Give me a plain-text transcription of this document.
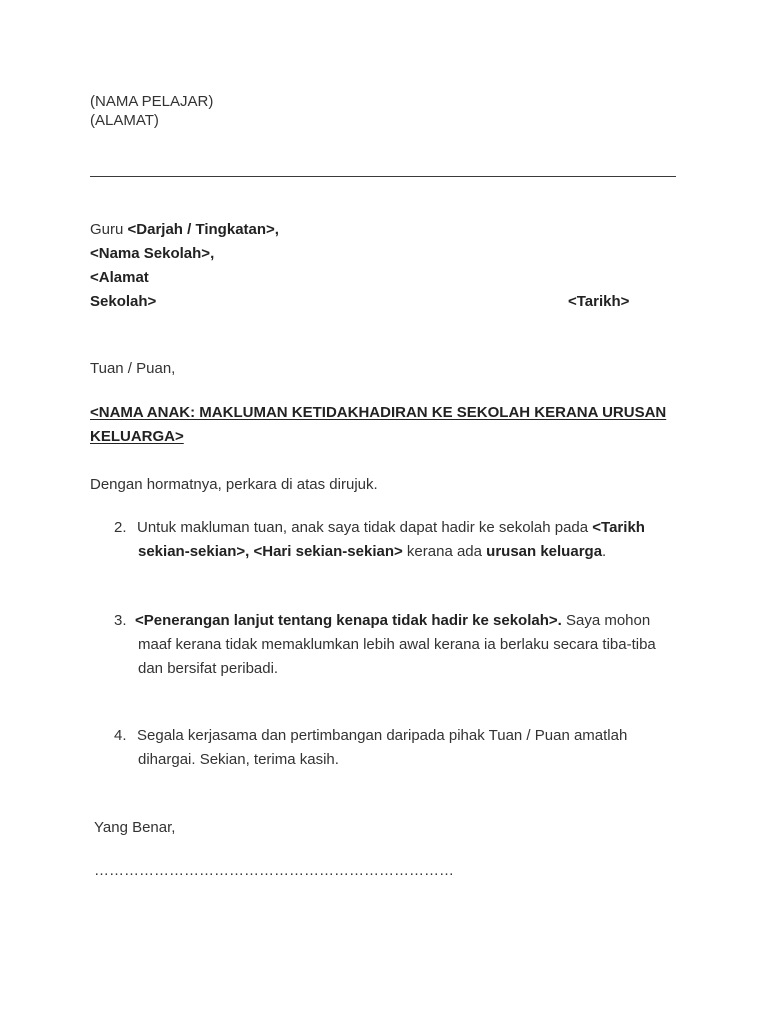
(NAMA PELAJAR)
(ALAMAT)
Guru <Darjah / Tingkatan>,
<Nama Sekolah>,
<Alamat
Sekolah>	<Tarikh>
Tuan / Puan,
<NAMA ANAK: MAKLUMAN KETIDAKHADIRAN KE SEKOLAH KERANA URUSAN
KELUARGA>
Dengan hormatnya, perkara di atas dirujuk.
2. Untuk makluman tuan, anak saya tidak dapat hadir ke sekolah pada <Tarikh
sekian-sekian>, <Hari sekian-sekian> kerana ada urusan keluarga.
3. <Penerangan lanjut tentang kenapa tidak hadir ke sekolah>. Saya mohon
maaf kerana tidak memaklumkan lebih awal kerana ia berlaku secara tiba-tiba
dan bersifat peribadi.
4. Segala kerjasama dan pertimbangan daripada pihak Tuan / Puan amatlah
dihargai. Sekian, terima kasih.
Yang Benar,
………………………………………………………………
